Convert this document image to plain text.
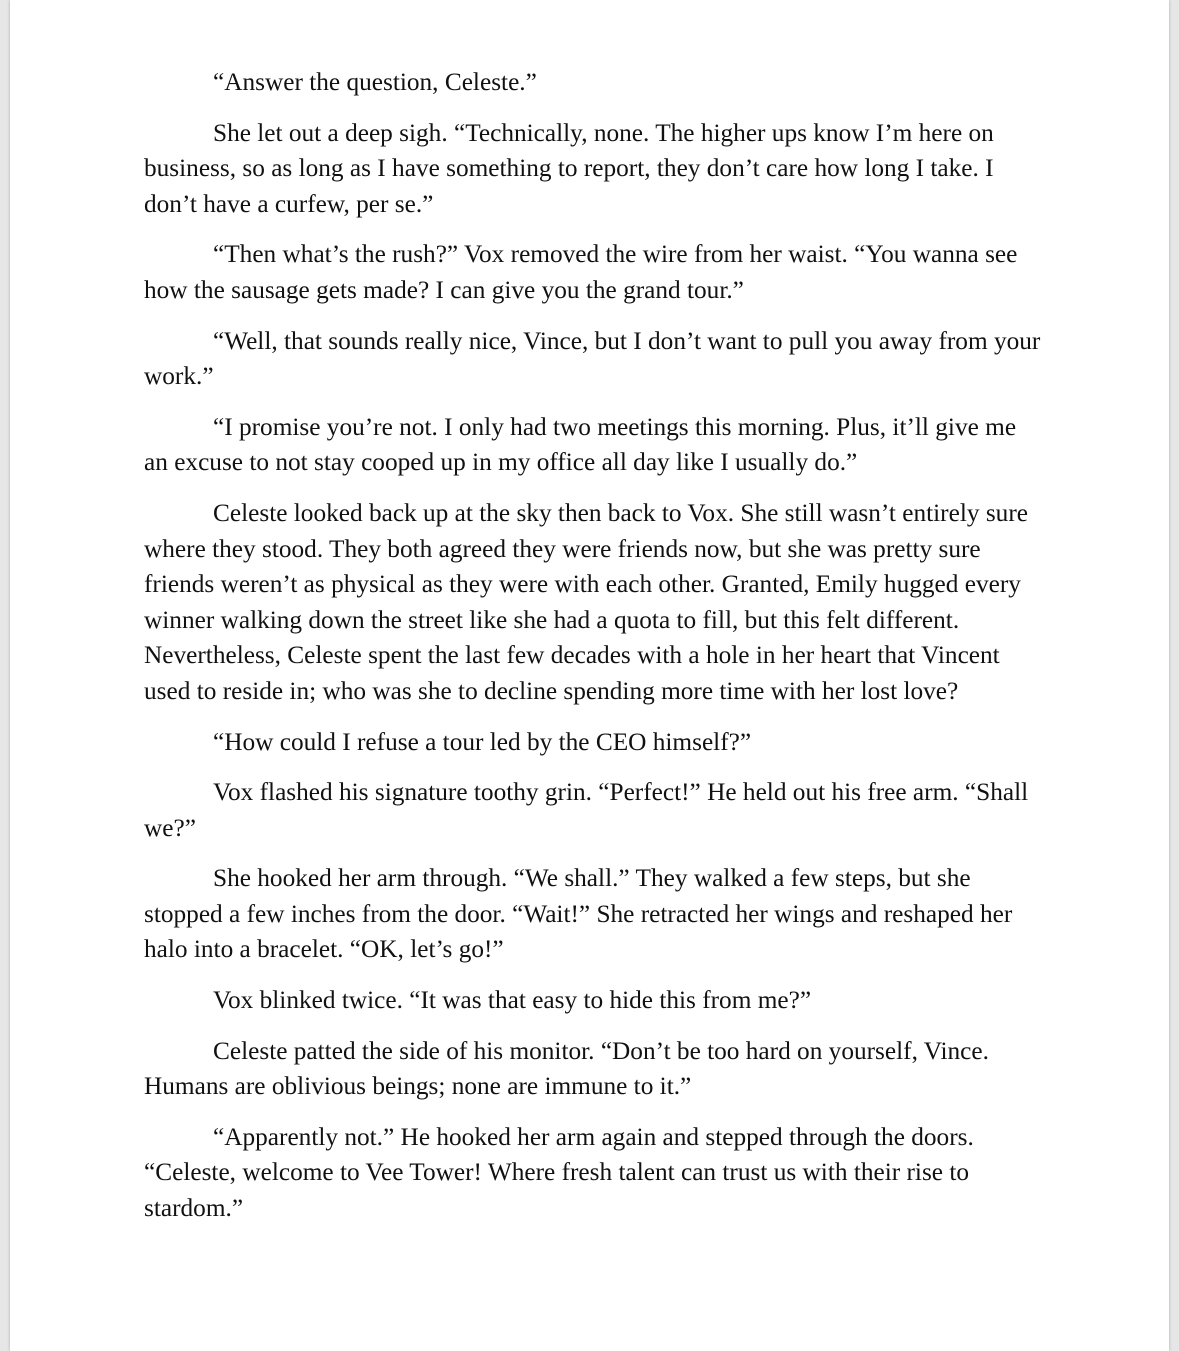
“Answer the question, Celeste.”

She let out a deep sigh. “Technically, none. The higher ups know I’m here on business, so as long as I have something to report, they don’t care how long I take. I don’t have a curfew, per se.”

“Then what’s the rush?” Vox removed the wire from her waist. “You wanna see how the sausage gets made? I can give you the grand tour.”

“Well, that sounds really nice, Vince, but I don’t want to pull you away from your work.”

“I promise you’re not. I only had two meetings this morning. Plus, it’ll give me an excuse to not stay cooped up in my office all day like I usually do.”

Celeste looked back up at the sky then back to Vox. She still wasn’t entirely sure where they stood. They both agreed they were friends now, but she was pretty sure friends weren’t as physical as they were with each other. Granted, Emily hugged every winner walking down the street like she had a quota to fill, but this felt different. Nevertheless, Celeste spent the last few decades with a hole in her heart that Vincent used to reside in; who was she to decline spending more time with her lost love?

“How could I refuse a tour led by the CEO himself?”

Vox flashed his signature toothy grin. “Perfect!” He held out his free arm. “Shall we?”

She hooked her arm through. “We shall.” They walked a few steps, but she stopped a few inches from the door. “Wait!” She retracted her wings and reshaped her halo into a bracelet. “OK, let’s go!”

Vox blinked twice. “It was that easy to hide this from me?”

Celeste patted the side of his monitor. “Don’t be too hard on yourself, Vince. Humans are oblivious beings; none are immune to it.”

“Apparently not.” He hooked her arm again and stepped through the doors. “Celeste, welcome to Vee Tower! Where fresh talent can trust us with their rise to stardom.”
